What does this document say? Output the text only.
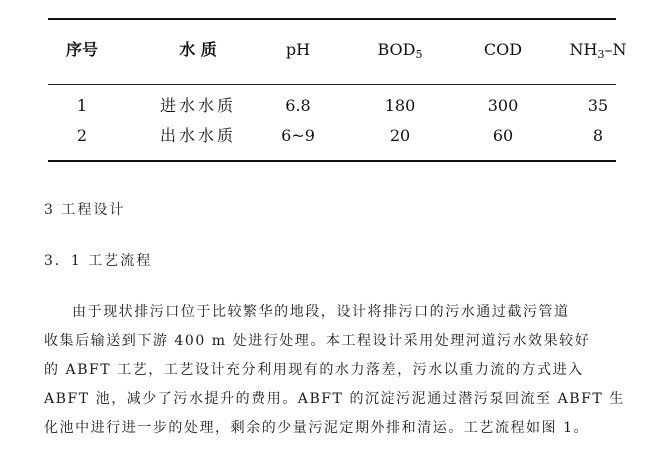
序号	水 质	pH	$BOD_5$	COD	$NH_3-N$
1	进水水质	6.8	180	300	35
2	出水水质	6~9	20	60	8
3 工程设计
3．1 工艺流程
由于现状排污口位于比较繁华的地段，设计将排污口的污水通过截污管道
收集后输送到下游 400 m 处进行处理。本工程设计采用处理河道污水效果较好
的 ABFT 工艺，工艺设计充分利用现有的水力落差，污水以重力流的方式进入
ABFT 池，减少了污水提升的费用。ABFT 的沉淀污泥通过潜污泵回流至 ABFT 生
化池中进行进一步的处理，剩余的少量污泥定期外排和清运。工艺流程如图 1。
